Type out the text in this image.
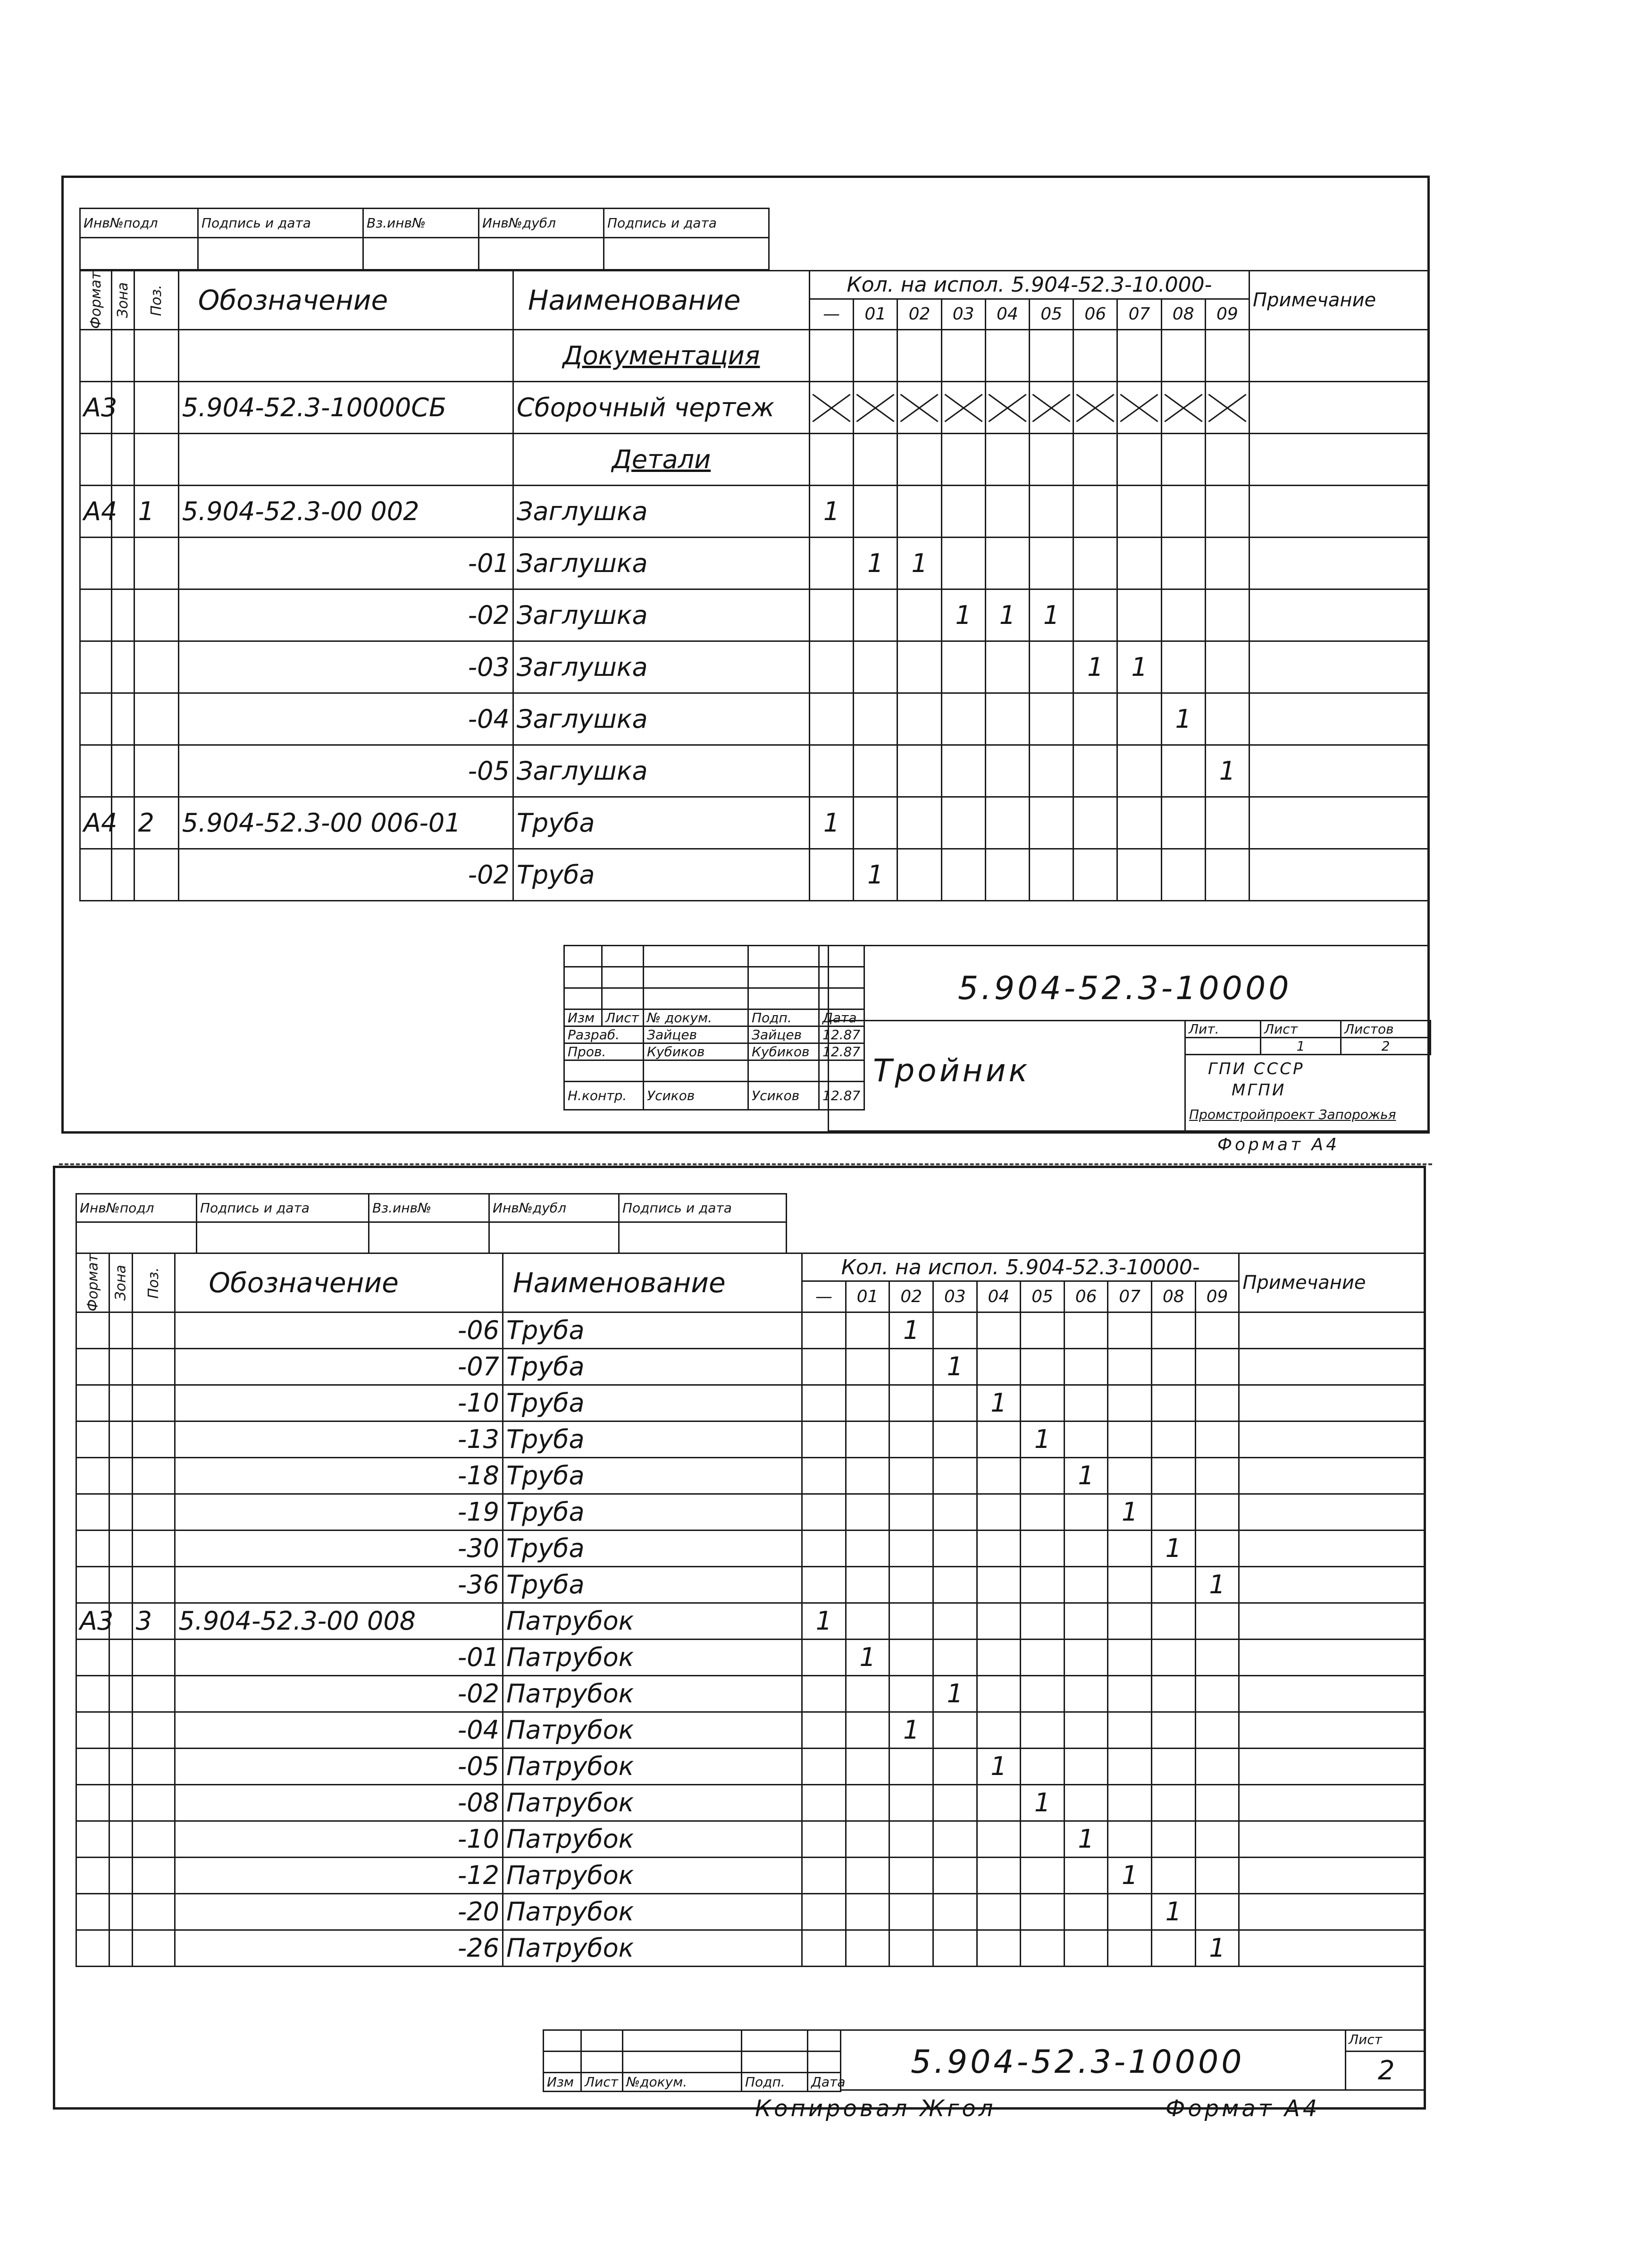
Инв№подл	Подпись и дата	Вз.инв№	Инв№дубл	Подпись и дата

Формат	Зона	Поз.	Обозначение	Наименование	Кол. на испол. 5.904-52.3-10.000-										Примечание
					—	01	02	03	04	05	06	07	08	09	
				Документация											
А3			5.904-52.3-10000СБ	Сборочный чертеж											
				Детали											
А4		1	5.904-52.3-00 002	Заглушка	1										
			-01	Заглушка		1	1								
			-02	Заглушка				1	1	1					
			-03	Заглушка							1	1			
			-04	Заглушка									1		
			-05	Заглушка										1	
А4		2	5.904-52.3-00 006-01	Труба	1										
			-02	Труба		1									

Изм	Лист	№ докум.	Подп.	Дата
Разраб.		Зайцев	Зайцев	12.87
Пров.		Кубиков	Кубиков	12.87

Н.контр.		Усиков	Усиков	12.87
5.904-52.3-10000
Тройник
Лит.	Лист	Листов
	1	2
ГПИ СССР
МГПИ
Промстройпроект Запорожья
Формат А4
Инв№подл	Подпись и дата	Вз.инв№	Инв№дубл	Подпись и дата

Формат	Зона	Поз.	Обозначение	Наименование	Кол. на испол. 5.904-52.3-10000-										Примечание
					—	01	02	03	04	05	06	07	08	09	
			-06	Труба			1								
			-07	Труба				1							
			-10	Труба					1						
			-13	Труба						1					
			-18	Труба							1				
			-19	Труба								1			
			-30	Труба									1		
			-36	Труба										1	
А3		3	5.904-52.3-00 008	Патрубок	1										
			-01	Патрубок		1									
			-02	Патрубок				1							
			-04	Патрубок			1								
			-05	Патрубок					1						
			-08	Патрубок						1					
			-10	Патрубок							1				
			-12	Патрубок								1			
			-20	Патрубок									1		
			-26	Патрубок										1	

Изм	Лист	№докум.	Подп.	Дата
5.904-52.3-10000
Лист
2
Копировал Жгол	Формат А4
